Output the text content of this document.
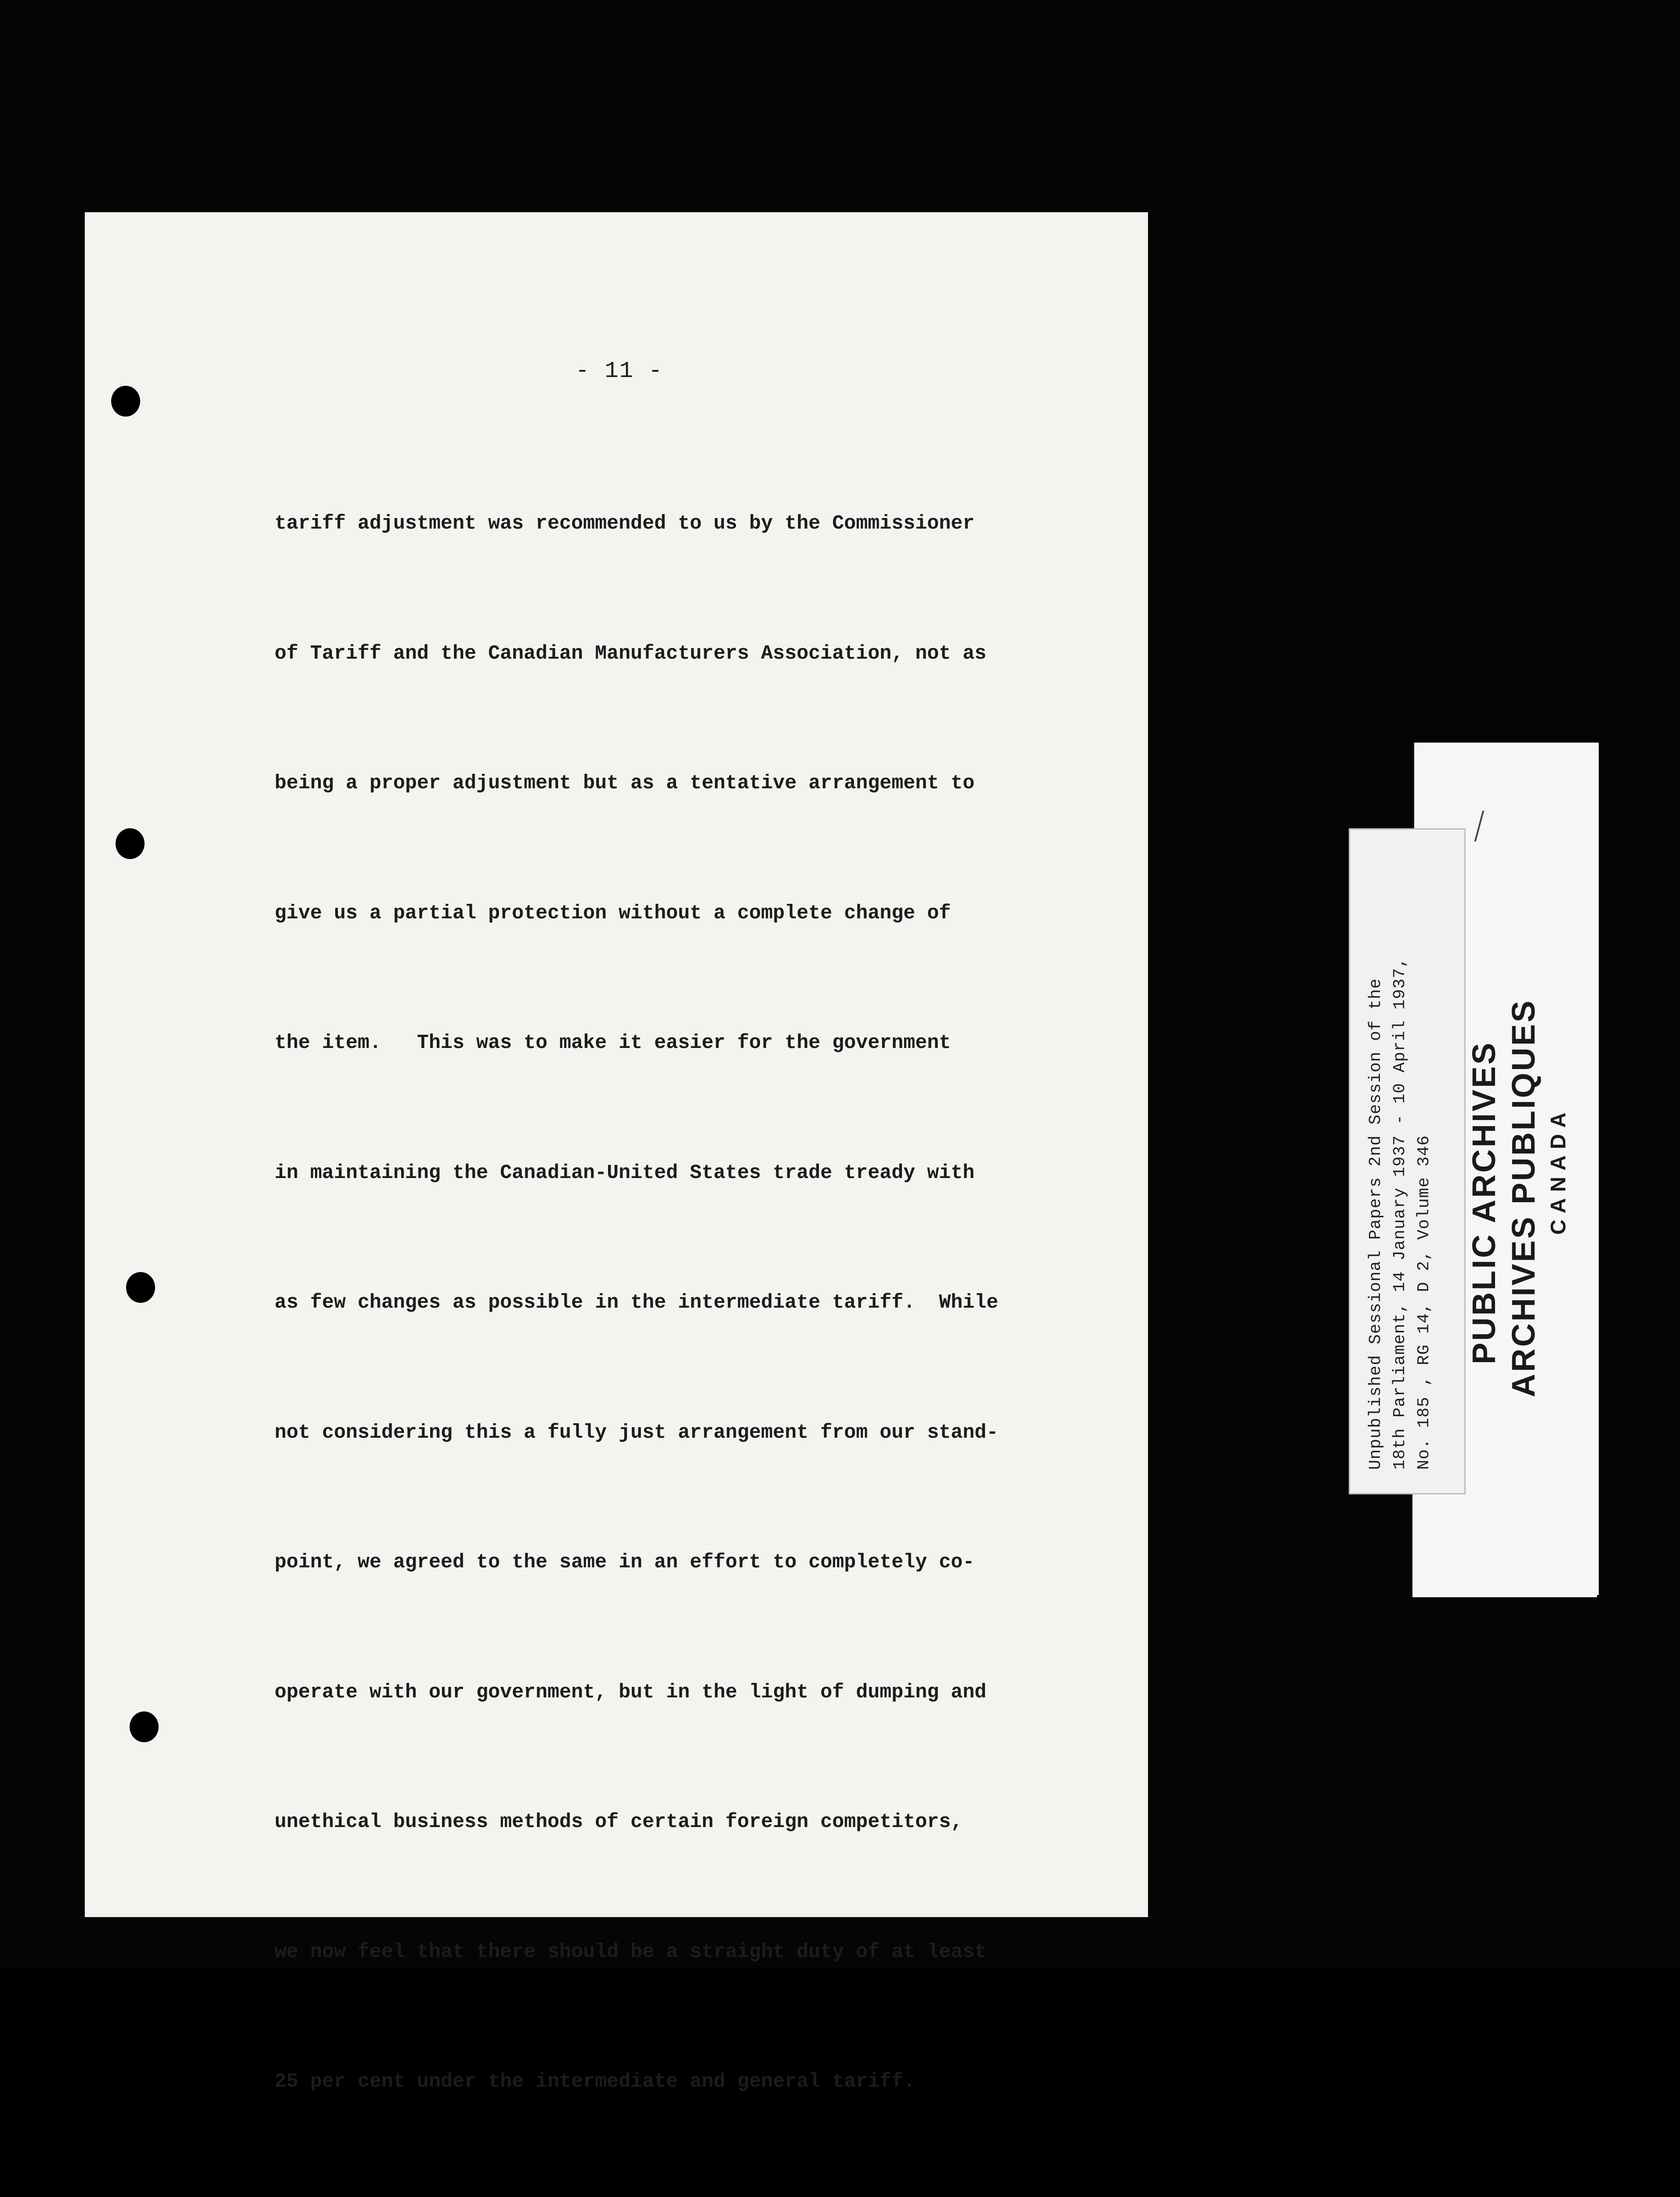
- 11 -

tariff adjustment was recommended to us by the Commissioner

of Tariff and the Canadian Manufacturers Association, not as

being a proper adjustment but as a tentative arrangement to

give us a partial protection without a complete change of

the item.   This was to make it easier for the government

in maintaining the Canadian-United States trade tready with

as few changes as possible in the intermediate tariff.  While

not considering this a fully just arrangement from our stand-

point, we agreed to the same in an effort to completely co-

operate with our government, but in the light of dumping and

unethical business methods of certain foreign competitors,

we now feel that there should be a straight duty of at least

25 per cent under the intermediate and general tariff.

Unpublished Sessional Papers 2nd Session of the 18th Parliament, 14 January 1937 - 10 April 1937, No. 185 , RG 14, D 2, Volume 346 PUBLIC ARCHIVES ARCHIVES PUBLIQUES CANADA
